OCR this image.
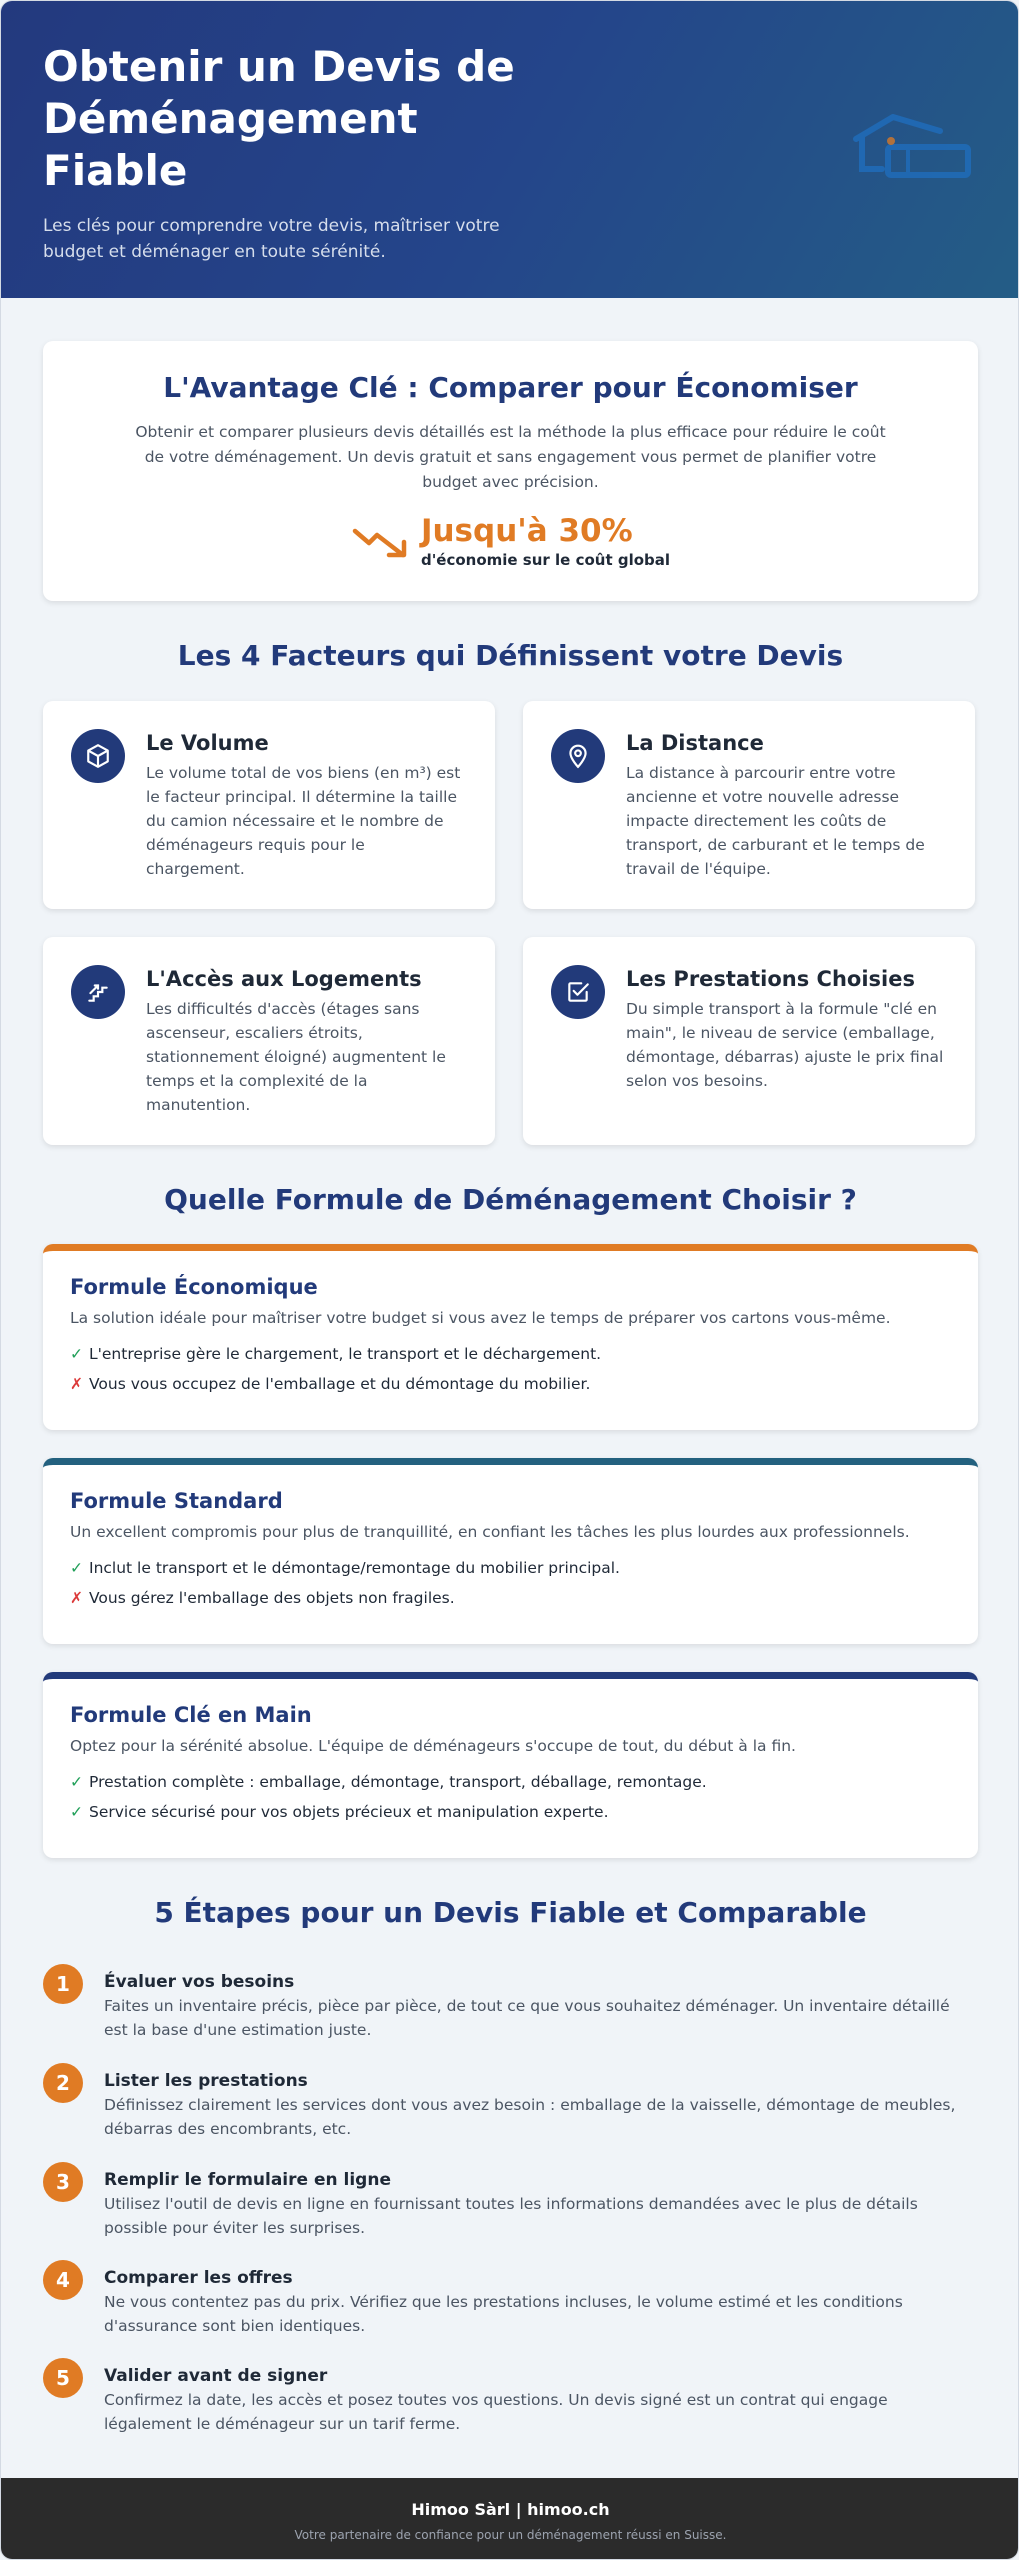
Obtenir un Devis de Déménagement Fiable

Les clés pour comprendre votre devis, maîtriser votre budget et déménager en toute sérénité.

L'Avantage Clé : Comparer pour Économiser

Obtenir et comparer plusieurs devis détaillés est la méthode la plus efficace pour réduire le coût de votre déménagement. Un devis gratuit et sans engagement vous permet de planifier votre budget avec précision.

Jusqu'à 30%
d'économie sur le coût global
Les 4 Facteurs qui Définissent votre Devis
Le Volume

Le volume total de vos biens (en m³) est le facteur principal. Il détermine la taille du camion nécessaire et le nombre de déménageurs requis pour le chargement.

La Distance

La distance à parcourir entre votre ancienne et votre nouvelle adresse impacte directement les coûts de transport, de carburant et le temps de travail de l'équipe.

L'Accès aux Logements

Les difficultés d'accès (étages sans ascenseur, escaliers étroits, stationnement éloigné) augmentent le temps et la complexité de la manutention.

Les Prestations Choisies

Du simple transport à la formule "clé en main", le niveau de service (emballage, démontage, débarras) ajuste le prix final selon vos besoins.

Quelle Formule de Déménagement Choisir ?
Formule Économique
La solution idéale pour maîtriser votre budget si vous avez le temps de préparer vos cartons vous-même.
✓ L'entreprise gère le chargement, le transport et le déchargement.
✗ Vous vous occupez de l'emballage et du démontage du mobilier.
Formule Standard
Un excellent compromis pour plus de tranquillité, en confiant les tâches les plus lourdes aux professionnels.
✓ Inclut le transport et le démontage/remontage du mobilier principal.
✗ Vous gérez l'emballage des objets non fragiles.
Formule Clé en Main
Optez pour la sérénité absolue. L'équipe de déménageurs s'occupe de tout, du début à la fin.
✓ Prestation complète : emballage, démontage, transport, déballage, remontage.
✓ Service sécurisé pour vos objets précieux et manipulation experte.
5 Étapes pour un Devis Fiable et Comparable
1	Évaluer vos besoins

Faites un inventaire précis, pièce par pièce, de tout ce que vous souhaitez déménager. Un inventaire détaillé est la base d'une estimation juste.

2	Lister les prestations

Définissez clairement les services dont vous avez besoin : emballage de la vaisselle, démontage de meubles, débarras des encombrants, etc.

3	Remplir le formulaire en ligne

Utilisez l'outil de devis en ligne en fournissant toutes les informations demandées avec le plus de détails possible pour éviter les surprises.

4	Comparer les offres

Ne vous contentez pas du prix. Vérifiez que les prestations incluses, le volume estimé et les conditions d'assurance sont bien identiques.

5	Valider avant de signer

Confirmez la date, les accès et posez toutes vos questions. Un devis signé est un contrat qui engage légalement le déménageur sur un tarif ferme.

Himoo Sàrl | himoo.ch
Votre partenaire de confiance pour un déménagement réussi en Suisse.
